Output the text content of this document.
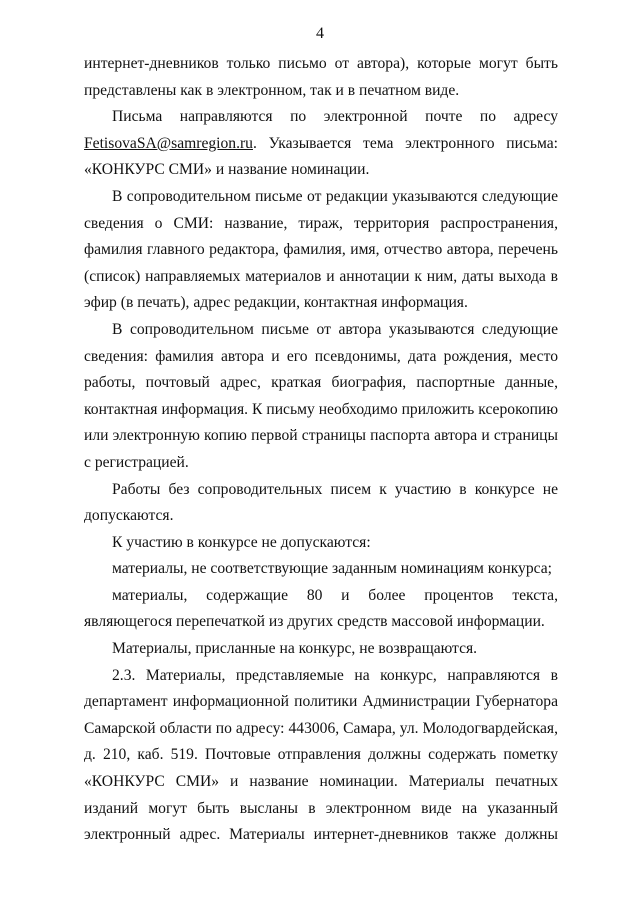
4

интернет-дневников только письмо от автора), которые могут быть представлены как в электронном, так и в печатном виде.

Письма направляются по электронной почте по адресу FetisovaSA@samregion.ru. Указывается тема электронного письма: «КОНКУРС СМИ» и название номинации.

В сопроводительном письме от редакции указываются следующие сведения о СМИ: название, тираж, территория распространения, фамилия главного редактора, фамилия, имя, отчество автора, перечень (список) направляемых материалов и аннотации к ним, даты выхода в эфир (в печать), адрес редакции, контактная информация.

В сопроводительном письме от автора указываются следующие сведения: фамилия автора и его псевдонимы, дата рождения, место работы, почтовый адрес, краткая биография, паспортные данные, контактная информация. К письму необходимо приложить ксерокопию или электронную копию первой страницы паспорта автора и страницы с регистрацией.

Работы без сопроводительных писем к участию в конкурсе не допускаются.

К участию в конкурсе не допускаются:

материалы, не соответствующие заданным номинациям конкурса;

материалы, содержащие 80 и более процентов текста, являющегося перепечаткой из других средств массовой информации.

Материалы, присланные на конкурс, не возвращаются.

2.3. Материалы, представляемые на конкурс, направляются в департамент информационной политики Администрации Губернатора Самарской области по адресу: 443006, Самара, ул. Молодогвардейская, д. 210, каб. 519. Почтовые отправления должны содержать пометку «КОНКУРС СМИ» и название номинации. Материалы печатных изданий могут быть высланы в электронном виде на указанный электронный адрес. Материалы интернет-дневников также должны
